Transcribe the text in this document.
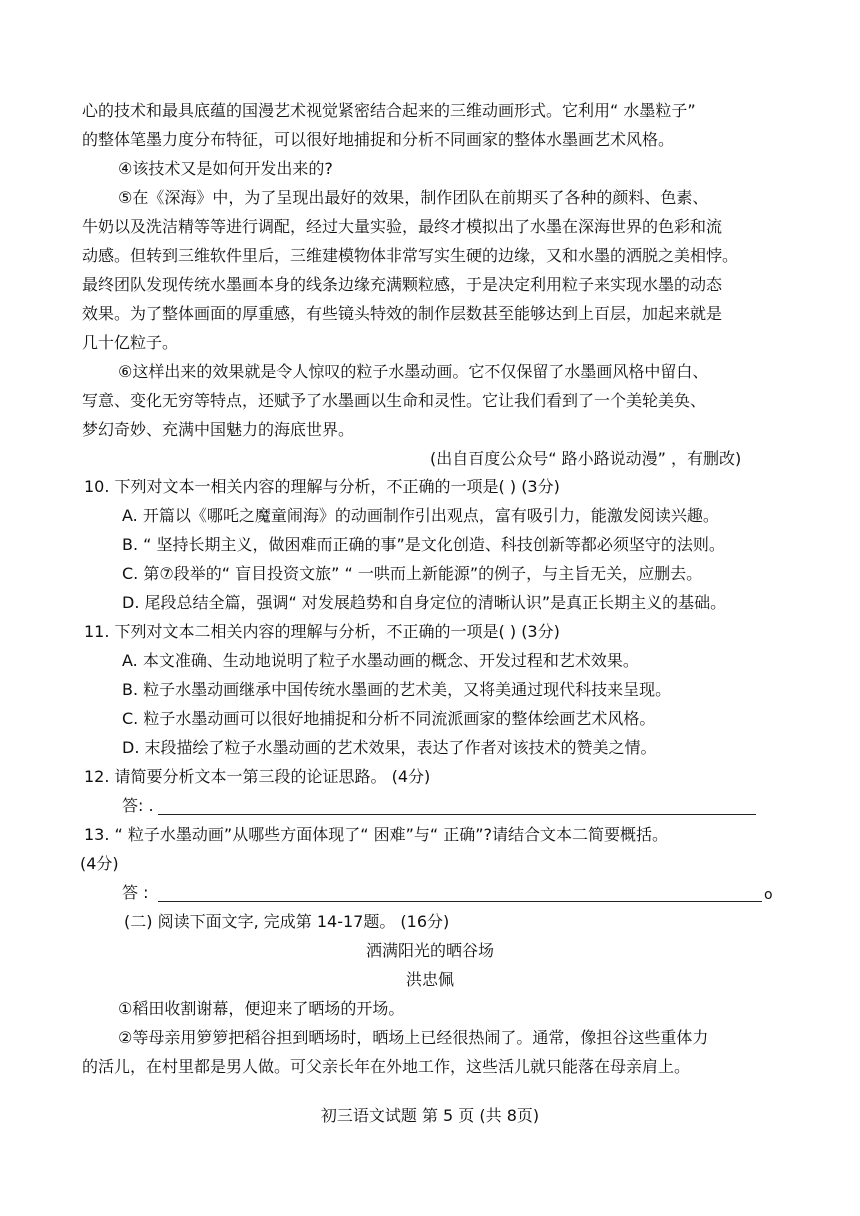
心的技术和最具底蕴的国漫艺术视觉紧密结合起来的三维动画形式。它利用“ 水墨粒子”
的整体笔墨力度分布特征，可以很好地捕捉和分析不同画家的整体水墨画艺术风格。
④该技术又是如何开发出来的?
⑤在《深海》中，为了呈现出最好的效果，制作团队在前期买了各种的颜料、色素、
牛奶以及洗洁精等等进行调配，经过大量实验，最终才模拟出了水墨在深海世界的色彩和流
动感。但转到三维软件里后，三维建模物体非常写实生硬的边缘，又和水墨的洒脱之美相悖。
最终团队发现传统水墨画本身的线条边缘充满颗粒感，于是决定利用粒子来实现水墨的动态
效果。为了整体画面的厚重感，有些镜头特效的制作层数甚至能够达到上百层，加起来就是
几十亿粒子。
⑥这样出来的效果就是令人惊叹的粒子水墨动画。它不仅保留了水墨画风格中留白、
写意、变化无穷等特点，还赋予了水墨画以生命和灵性。它让我们看到了一个美轮美奂、
梦幻奇妙、充满中国魅力的海底世界。
(出自百度公众号“ 路小路说动漫” ，有删改)
10. 下列对文本一相关内容的理解与分析，不正确的一项是( ) (3分)
A. 开篇以《哪吒之魔童闹海》的动画制作引出观点，富有吸引力，能激发阅读兴趣。
B. “ 坚持长期主义，做困难而正确的事”是文化创造、科技创新等都必须坚守的法则。
C. 第⑦段举的“ 盲目投资文旅” “ 一哄而上新能源”的例子，与主旨无关，应删去。
D. 尾段总结全篇，强调“ 对发展趋势和自身定位的清晰认识”是真正长期主义的基础。
11. 下列对文本二相关内容的理解与分析，不正确的一项是( ) (3分)
A. 本文准确、生动地说明了粒子水墨动画的概念、开发过程和艺术效果。
B. 粒子水墨动画继承中国传统水墨画的艺术美，又将美通过现代科技来呈现。
C. 粒子水墨动画可以很好地捕捉和分析不同流派画家的整体绘画艺术风格。
D. 末段描绘了粒子水墨动画的艺术效果，表达了作者对该技术的赞美之情。
12. 请简要分析文本一第三段的论证思路。 (4分)
答: .
13. “ 粒子水墨动画”从哪些方面体现了“ 困难”与“ 正确”?请结合文本二简要概括。
(4分)
答 :	o
(二) 阅读下面文字, 完成第 14-17题。 (16分)
洒满阳光的晒谷场
洪忠佩
①稻田收割谢幕，便迎来了晒场的开场。
②等母亲用箩箩把稻谷担到晒场时，晒场上已经很热闹了。通常，像担谷这些重体力
的活儿，在村里都是男人做。可父亲长年在外地工作，这些活儿就只能落在母亲肩上。
初三语文试题 第 5 页 (共 8页)
